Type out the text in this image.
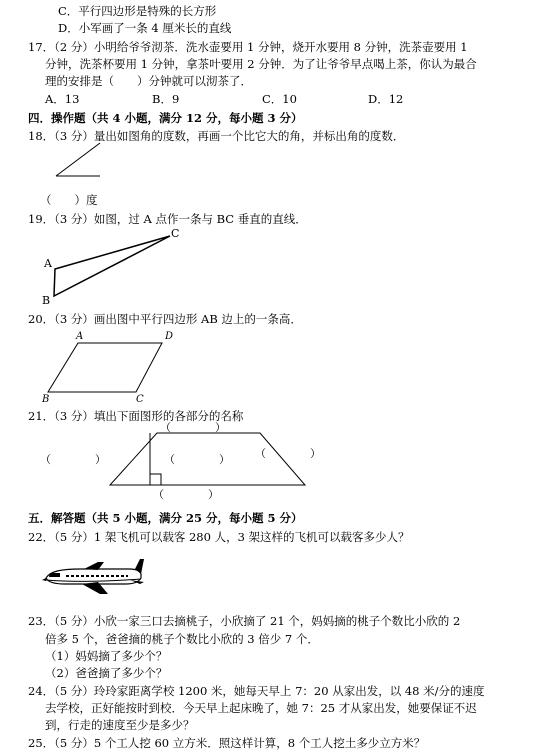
C．平行四边形是特殊的长方形
D．小军画了一条 4 厘米长的直线
17．（2 分）小明给爷爷沏茶．洗水壶要用 1 分钟，烧开水要用 8 分钟，洗茶壶要用 1
分钟，洗茶杯要用 1 分钟，拿茶叶要用 2 分钟．为了让爷爷早点喝上茶，你认为最合
理的安排是（　　）分钟就可以沏茶了．
A．13	B．9	C．10	D．12
四．操作题（共 4 小题，满分 12 分，每小题 3 分）
18．（3 分）量出如图角的度数，再画一个比它大的角，并标出角的度数．
（　　）度
19．（3 分）如图，过 A 点作一条与 BC 垂直的直线．
A
B
C
20．（3 分）画出图中平行四边形 AB 边上的一条高．
A	D
B	C
21．（3 分）填出下面图形的各部分的名称
（　　　　）
（　　　　）
（　　　　） （　　　　）
（　　　　）
五．解答题（共 5 小题，满分 25 分，每小题 5 分）
22．（5 分）1 架飞机可以载客 280 人，3 架这样的飞机可以载客多少人？
23．（5 分）小欣一家三口去摘桃子，小欣摘了 21 个，妈妈摘的桃子个数比小欣的 2
倍多 5 个，爸爸摘的桃子个数比小欣的 3 倍少 7 个．
（1）妈妈摘了多少个？
（2）爸爸摘了多少个？
24．（5 分）玲玲家距离学校 1200 米，她每天早上 7：20 从家出发，以 48 米/分的速度
去学校，正好能按时到校．今天早上起床晚了，她 7：25 才从家出发，她要保证不迟
到，行走的速度至少是多少？
25．（5 分）5 个工人挖 60 立方米．照这样计算，8 个工人挖土多少立方米？
